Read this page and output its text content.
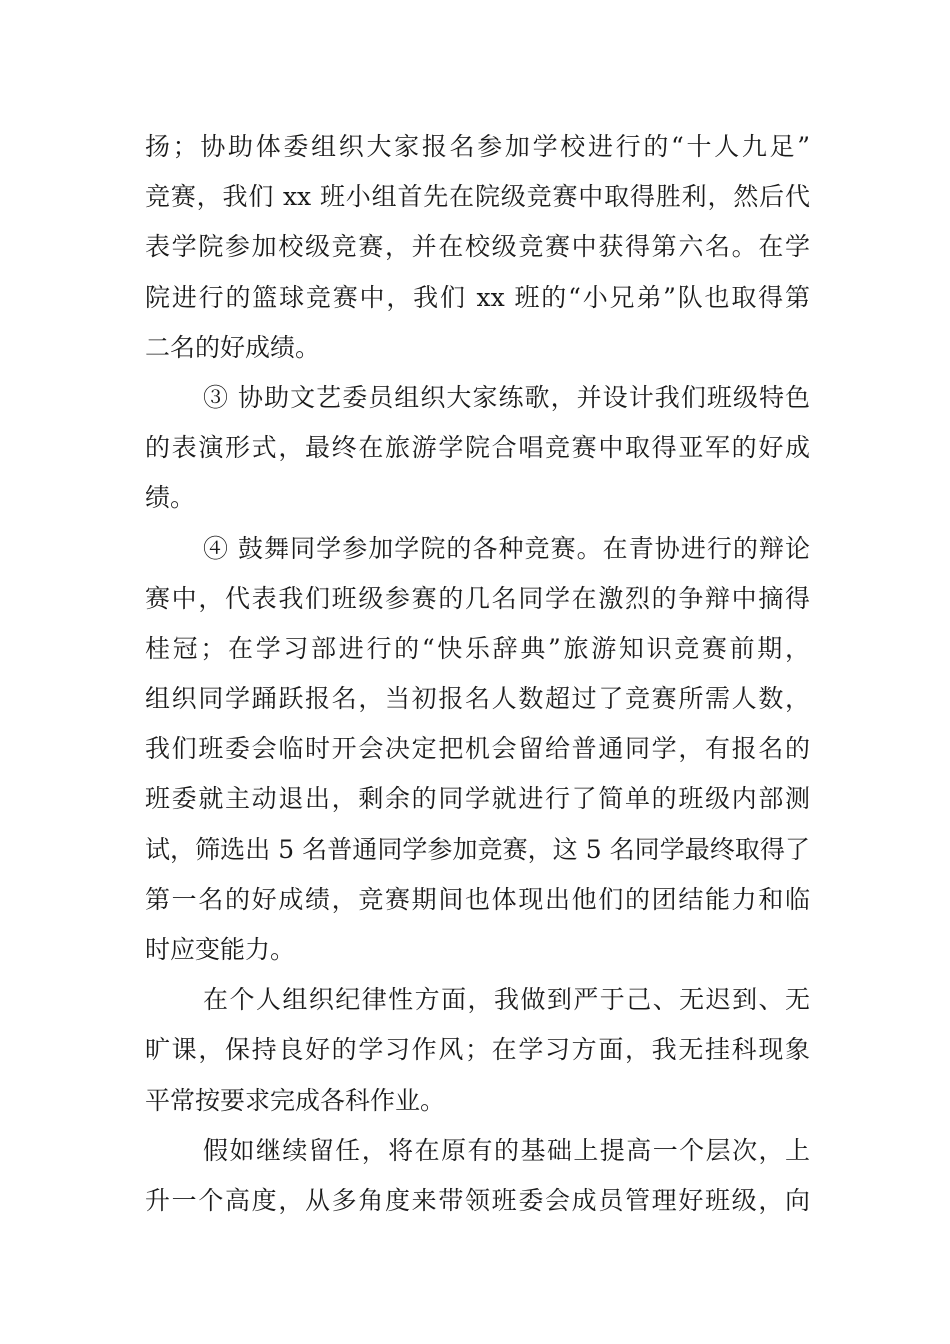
扬；协助体委组织大家报名参加学校进行的“十人九足”
竞赛，我们 xx 班小组首先在院级竞赛中取得胜利，然后代
表学院参加校级竞赛，并在校级竞赛中获得第六名。在学
院进行的篮球竞赛中，我们 xx 班的“小兄弟”队也取得第
二名的好成绩。
③ 协助文艺委员组织大家练歌，并设计我们班级特色
的表演形式，最终在旅游学院合唱竞赛中取得亚军的好成
绩。
④ 鼓舞同学参加学院的各种竞赛。在青协进行的辩论
赛中，代表我们班级参赛的几名同学在激烈的争辩中摘得
桂冠；在学习部进行的“快乐辞典”旅游知识竞赛前期，
组织同学踊跃报名，当初报名人数超过了竞赛所需人数，
我们班委会临时开会决定把机会留给普通同学，有报名的
班委就主动退出，剩余的同学就进行了简单的班级内部测
试，筛选出 5 名普通同学参加竞赛，这 5 名同学最终取得了
第一名的好成绩，竞赛期间也体现出他们的团结能力和临
时应变能力。
在个人组织纪律性方面，我做到严于己、无迟到、无
旷课，保持良好的学习作风；在学习方面，我无挂科现象
平常按要求完成各科作业。
假如继续留任，将在原有的基础上提高一个层次，上
升一个高度，从多角度来带领班委会成员管理好班级，向
